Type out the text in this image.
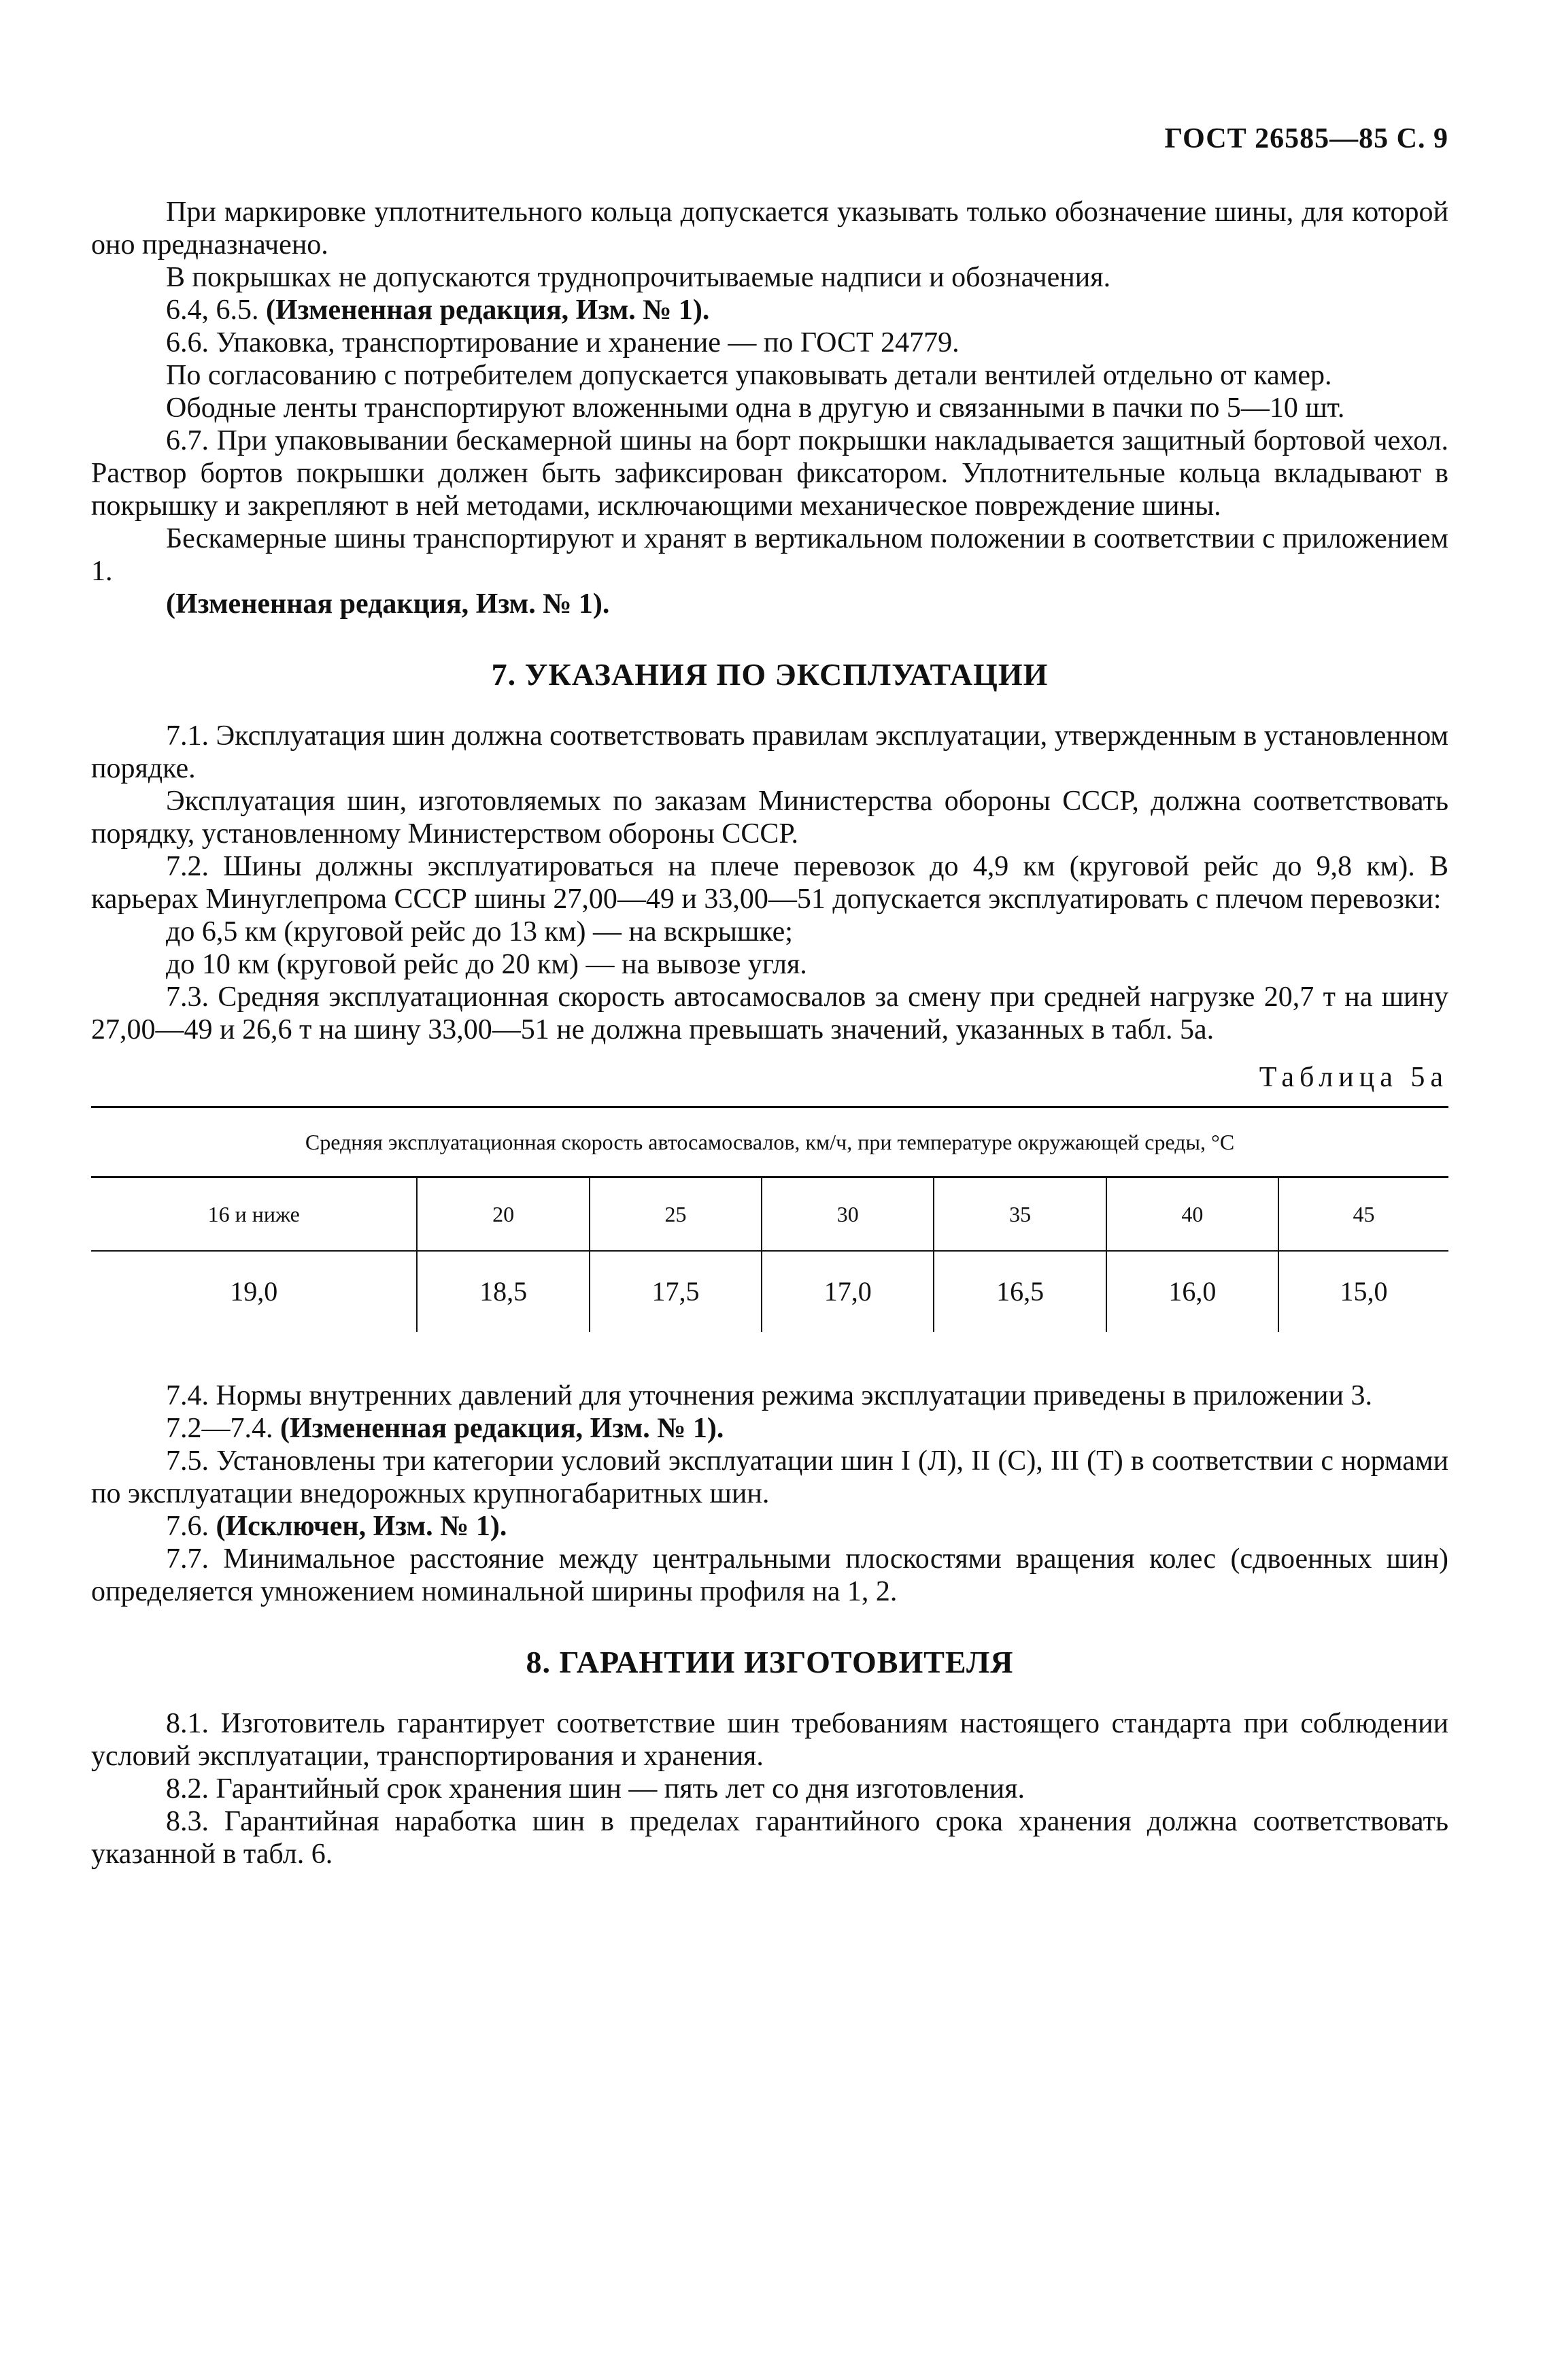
ГОСТ 26585—85 С. 9

При маркировке уплотнительного кольца допускается указывать только обозначение шины, для которой оно предназначено.

В покрышках не допускаются труднопрочитываемые надписи и обозначения.

6.4, 6.5. (Измененная редакция, Изм. № 1).

6.6. Упаковка, транспортирование и хранение — по ГОСТ 24779.

По согласованию с потребителем допускается упаковывать детали вентилей отдельно от камер.

Ободные ленты транспортируют вложенными одна в другую и связанными в пачки по 5—10 шт.

6.7. При упаковывании бескамерной шины на борт покрышки накладывается защитный бортовой чехол. Раствор бортов покрышки должен быть зафиксирован фиксатором. Уплотнительные кольца вкладывают в покрышку и закрепляют в ней методами, исключающими механическое повреждение шины.

Бескамерные шины транспортируют и хранят в вертикальном положении в соответствии с приложением 1.

(Измененная редакция, Изм. № 1).

7. УКАЗАНИЯ ПО ЭКСПЛУАТАЦИИ

7.1. Эксплуатация шин должна соответствовать правилам эксплуатации, утвержденным в установленном порядке.

Эксплуатация шин, изготовляемых по заказам Министерства обороны СССР, должна соответствовать порядку, установленному Министерством обороны СССР.

7.2. Шины должны эксплуатироваться на плече перевозок до 4,9 км (круговой рейс до 9,8 км). В карьерах Минуглепрома СССР шины 27,00—49 и 33,00—51 допускается эксплуатировать с плечом перевозки:

до 6,5 км (круговой рейс до 13 км) — на вскрышке;

до 10 км (круговой рейс до 20 км) — на вывозе угля.

7.3. Средняя эксплуатационная скорость автосамосвалов за смену при средней нагрузке 20,7 т на шину 27,00—49 и 26,6 т на шину 33,00—51 не должна превышать значений, указанных в табл. 5а.

Таблица 5а
Средняя эксплуатационная скорость автосамосвалов, км/ч, при температуре окружающей среды, °С						
16 и ниже	20	25	30	35	40	45
19,0	18,5	17,5	17,0	16,5	16,0	15,0

7.4. Нормы внутренних давлений для уточнения режима эксплуатации приведены в приложении 3.

7.2—7.4. (Измененная редакция, Изм. № 1).

7.5. Установлены три категории условий эксплуатации шин I (Л), II (С), III (Т) в соответствии с нормами по эксплуатации внедорожных крупногабаритных шин.

7.6. (Исключен, Изм. № 1).

7.7. Минимальное расстояние между центральными плоскостями вращения колес (сдвоенных шин) определяется умножением номинальной ширины профиля на 1, 2.

8. ГАРАНТИИ ИЗГОТОВИТЕЛЯ

8.1. Изготовитель гарантирует соответствие шин требованиям настоящего стандарта при соблюдении условий эксплуатации, транспортирования и хранения.

8.2. Гарантийный срок хранения шин — пять лет со дня изготовления.

8.3. Гарантийная наработка шин в пределах гарантийного срока хранения должна соответствовать указанной в табл. 6.
